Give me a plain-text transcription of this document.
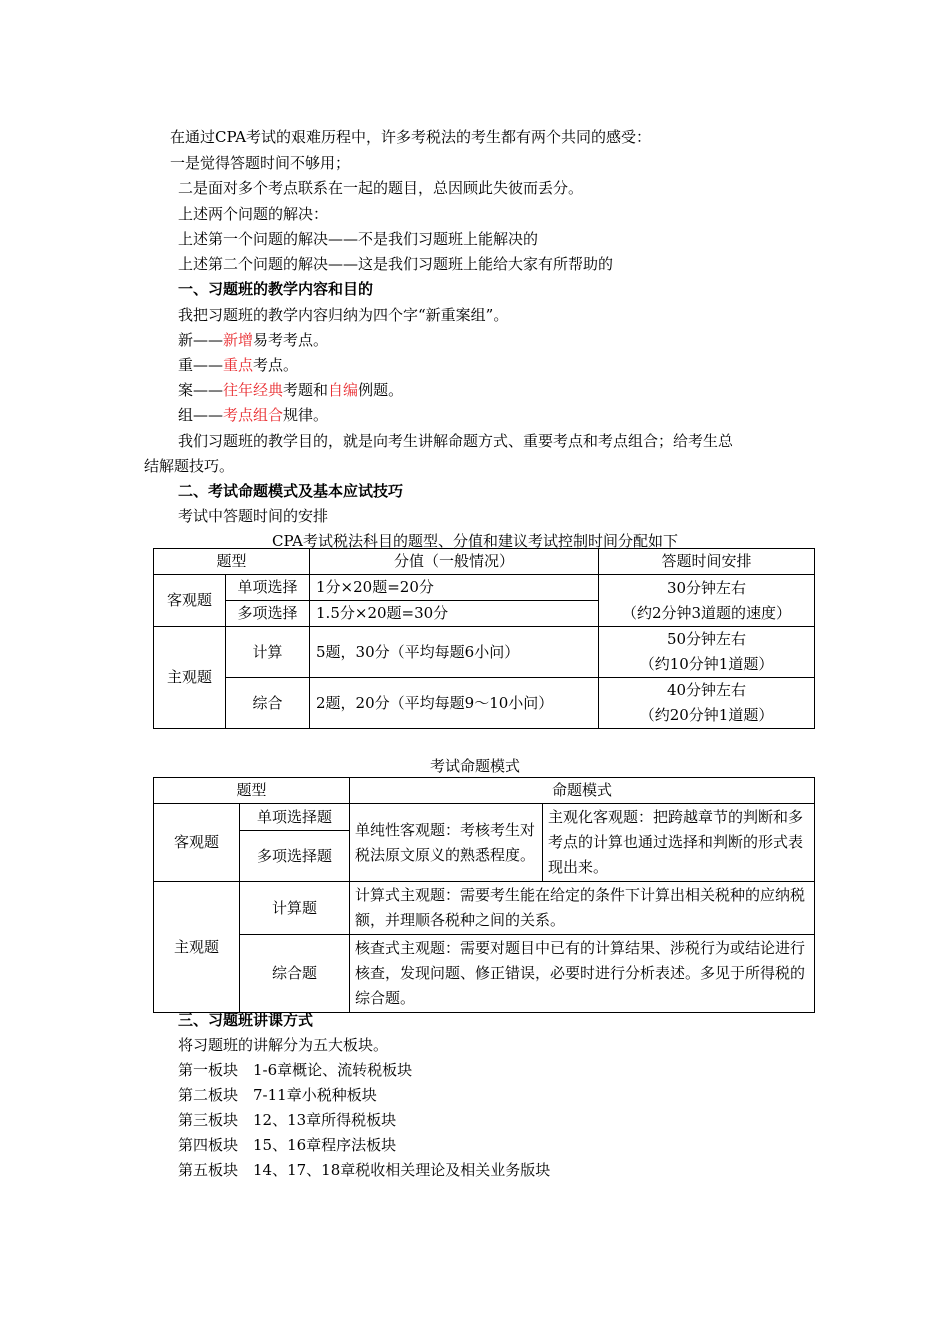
在通过CPA考试的艰难历程中，许多考税法的考生都有两个共同的感受：
一是觉得答题时间不够用；
二是面对多个考点联系在一起的题目，总因顾此失彼而丢分。
上述两个问题的解决：
上述第一个问题的解决——不是我们习题班上能解决的
上述第二个问题的解决——这是我们习题班上能给大家有所帮助的
一、习题班的教学内容和目的
我把习题班的教学内容归纳为四个字“新重案组”。
新——新增易考考点。
重——重点考点。
案——往年经典考题和自编例题。
组——考点组合规律。
我们习题班的教学目的，就是向考生讲解命题方式、重要考点和考点组合；给考生总
结解题技巧。
二、考试命题模式及基本应试技巧
考试中答题时间的安排
CPA考试税法科目的题型、分值和建议考试控制时间分配如下
题型		分值（一般情况）	答题时间安排
客观题	单项选择	1分×20题=20分	30分钟左右
（约2分钟3道题的速度）

	多项选择	1.5分×20题=30分	
主观题	计算	5题，30分（平均每题6小问）	50分钟左右
（约10分钟1道题）

	综合	2题，20分（平均每题9～10小问）	40分钟左右
（约20分钟1道题）
考试命题模式
题型		命题模式	
客观题	单项选择题	单纯性客观题：考核考生对税法原文原义的熟悉程度。	主观化客观题：把跨越章节的判断和多考点的计算也通过选择和判断的形式表现出来。
	多项选择题		
主观题	计算题	计算式主观题：需要考生能在给定的条件下计算出相关税种的应纳税额，并理顺各税种之间的关系。	
	综合题	核查式主观题：需要对题目中已有的计算结果、涉税行为或结论进行核查，发现问题、修正错误，必要时进行分析表述。多见于所得税的综合题。	
三、习题班讲课方式
将习题班的讲解分为五大板块。
第一板块　1-6章概论、流转税板块
第二板块　7-11章小税种板块
第三板块　12、13章所得税板块
第四板块　15、16章程序法板块
第五板块　14、17、18章税收相关理论及相关业务版块
